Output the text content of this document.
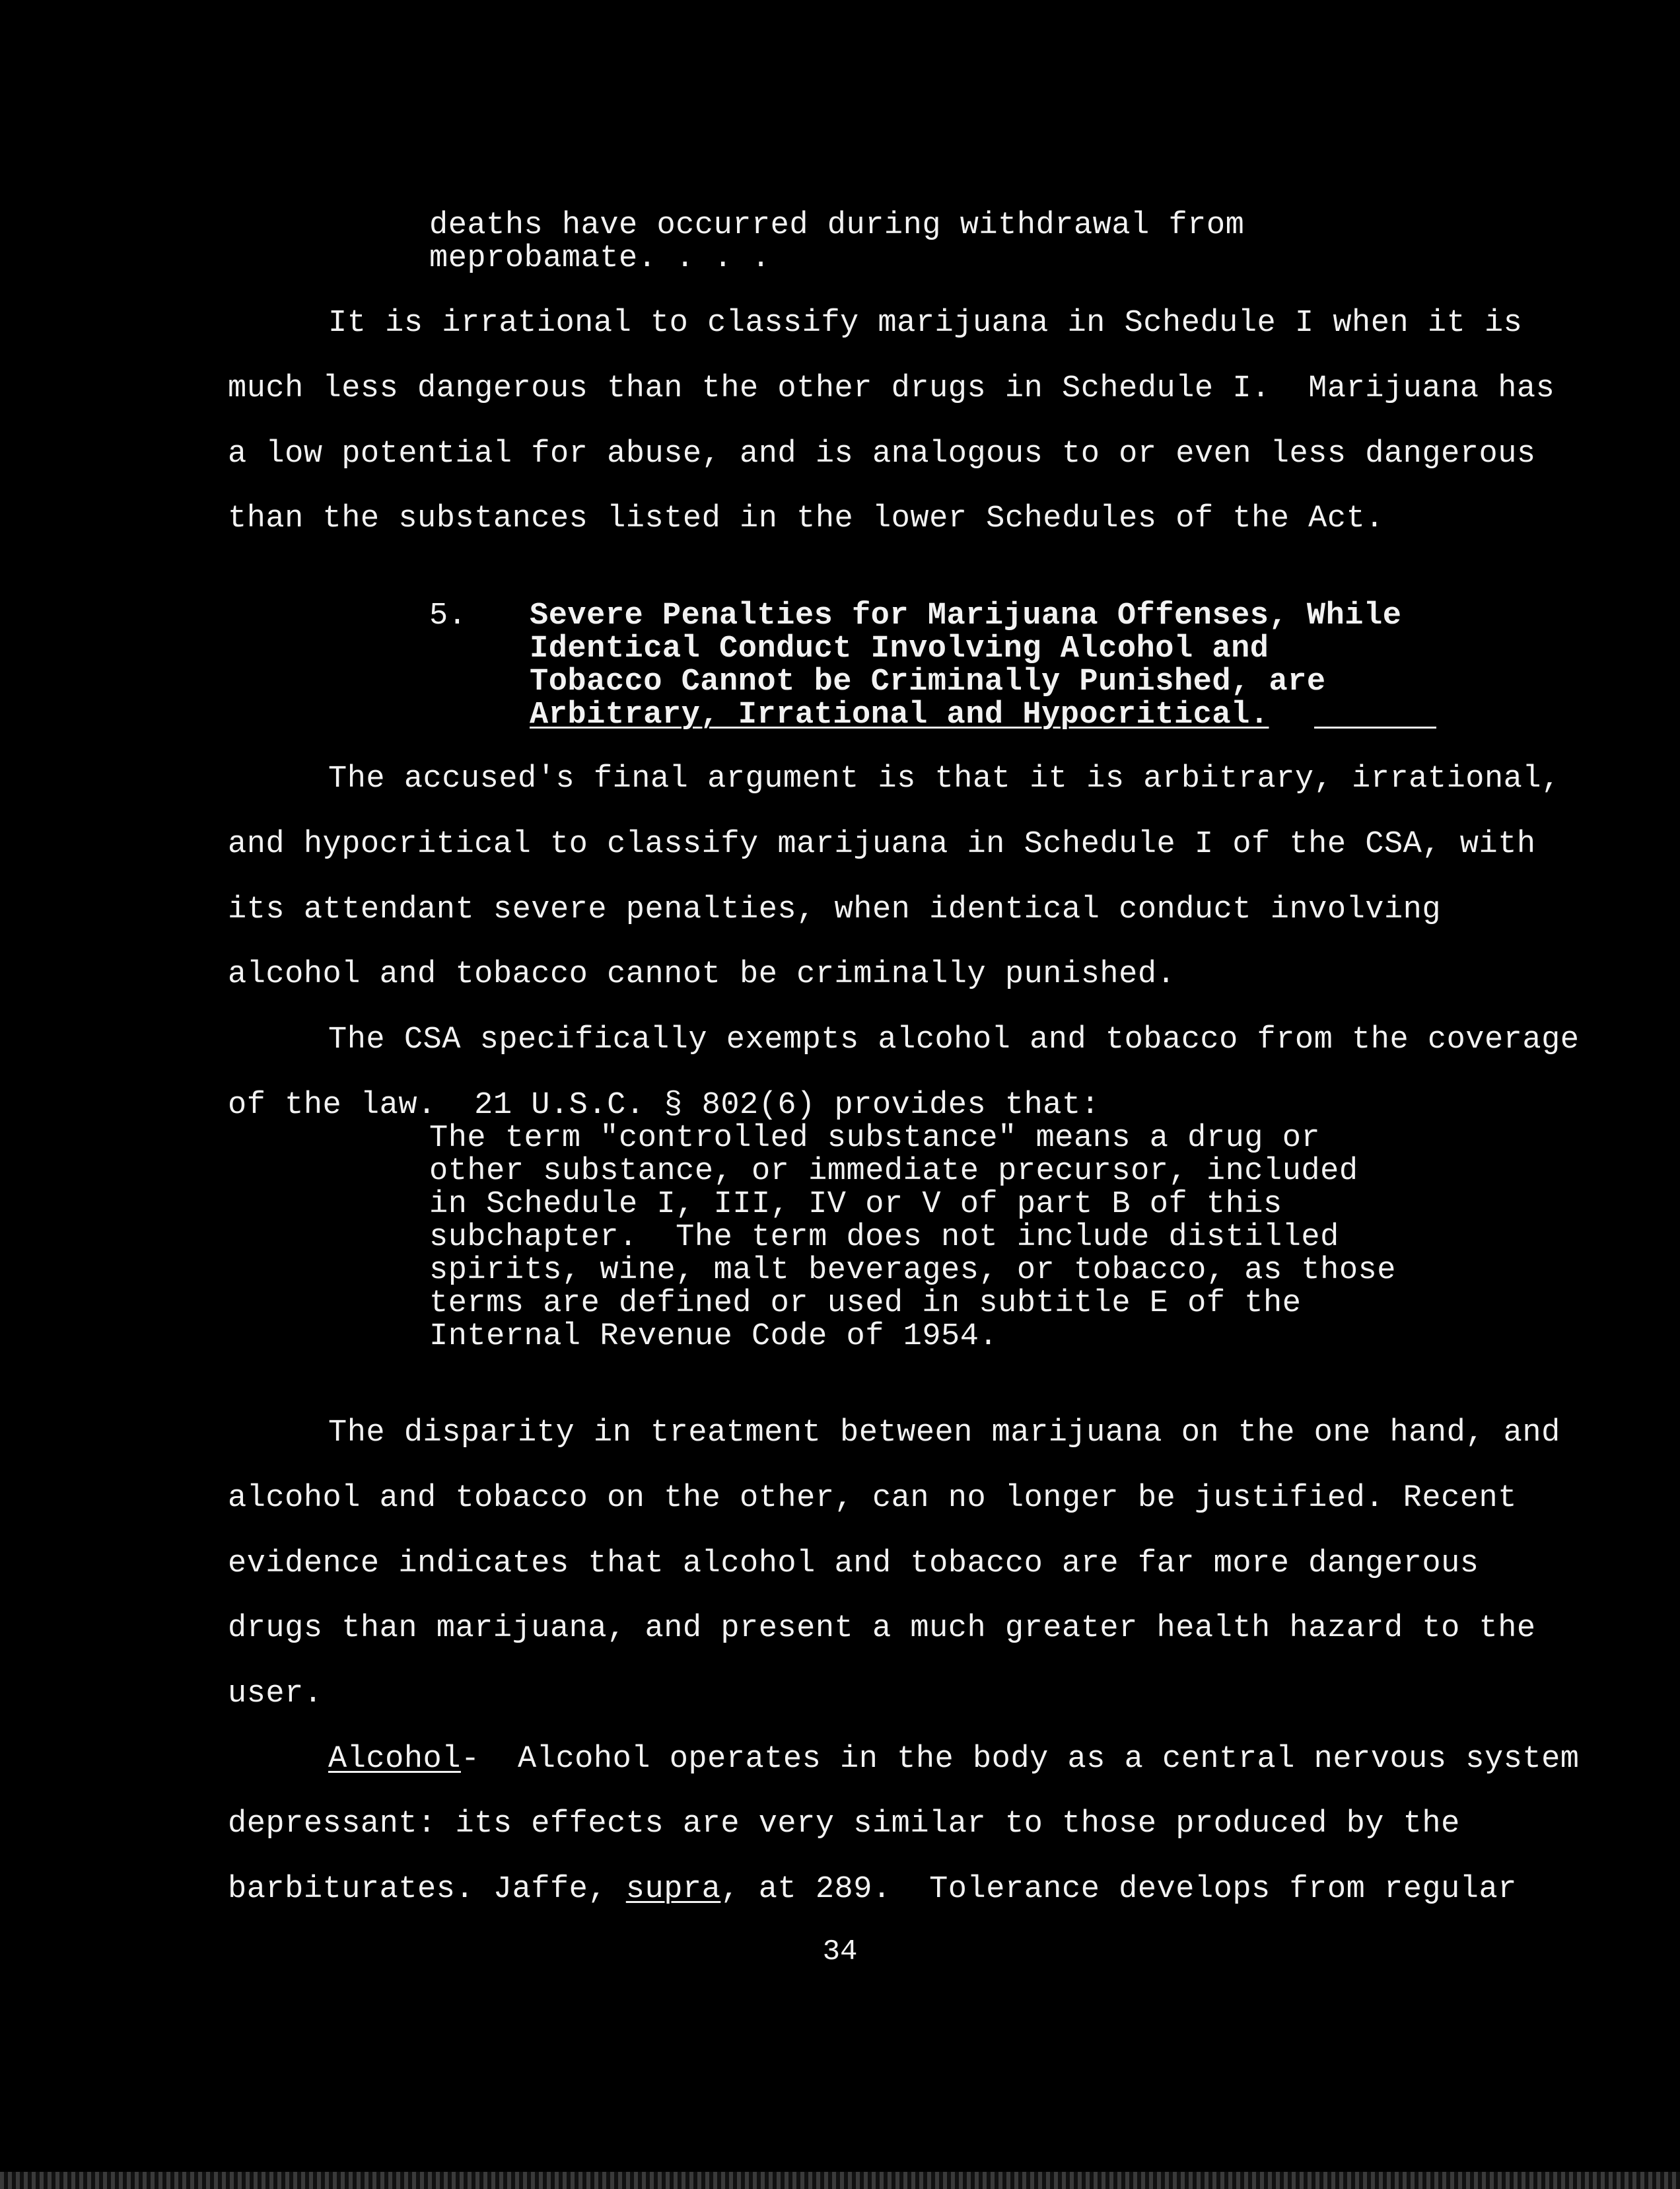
deaths have occurred during withdrawal from
meprobamate. . . .
It is irrational to classify marijuana in Schedule I when it is
much less dangerous than the other drugs in Schedule I.  Marijuana has
a low potential for abuse, and is analogous to or even less dangerous
than the substances listed in the lower Schedules of the Act.
5. Severe Penalties for Marijuana Offenses, While
Identical Conduct Involving Alcohol and
Tobacco Cannot be Criminally Punished, are
Arbitrary, Irrational and Hypocritical.
The accused's final argument is that it is arbitrary, irrational,
and hypocritical to classify marijuana in Schedule I of the CSA, with
its attendant severe penalties, when identical conduct involving
alcohol and tobacco cannot be criminally punished.
The CSA specifically exempts alcohol and tobacco from the coverage
of the law.  21 U.S.C. § 802(6) provides that:
The term "controlled substance" means a drug or
other substance, or immediate precursor, included
in Schedule I, III, IV or V of part B of this
subchapter.  The term does not include distilled
spirits, wine, malt beverages, or tobacco, as those
terms are defined or used in subtitle E of the
Internal Revenue Code of 1954.
The disparity in treatment between marijuana on the one hand, and
alcohol and tobacco on the other, can no longer be justified. Recent
evidence indicates that alcohol and tobacco are far more dangerous
drugs than marijuana, and present a much greater health hazard to the
user.
Alcohol-  Alcohol operates in the body as a central nervous system
depressant: its effects are very similar to those produced by the
barbiturates. Jaffe, supra, at 289.  Tolerance develops from regular
34
